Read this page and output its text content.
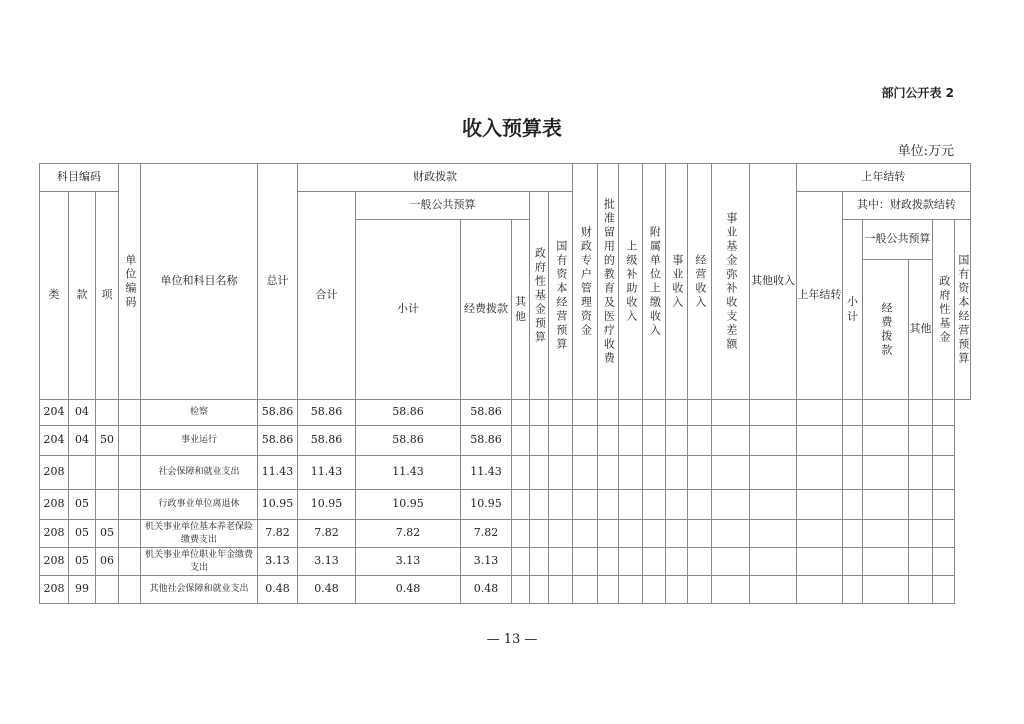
部门公开表 2
收入预算表
单位:万元
科目编码			单位编码	单位和科目名称	总计	财政拨款						财政专户管理资金	批准留用的教育及医疗收费	上级补助收入	附属单位上缴收入	事业收入	经营收入	事业基金弥补收支差额	其他收入	上年结转					
类	款	项				合计	一般公共预算			政府性基金预算	国有资本经营预算									上年结转	其中：财政拨款结转				
							小计	经费拨款	其他												小计	一般公共预算		政府性基金	国有资本经营预算

																						经费拨款	其他		
204	04			检察	58.86	58.86	58.86	58.86																	
204	04	50		事业运行	58.86	58.86	58.86	58.86																	
208				社会保障和就业支出	11.43	11.43	11.43	11.43																	
208	05			行政事业单位离退休	10.95	10.95	10.95	10.95																	
208	05	05		机关事业单位基本养老保险缴费支出	7.82	7.82	7.82	7.82																	
208	05	06		机关事业单位职业年金缴费支出	3.13	3.13	3.13	3.13																	
208	99			其他社会保障和就业支出	0.48	0.48	0.48	0.48																	
— 13 —
